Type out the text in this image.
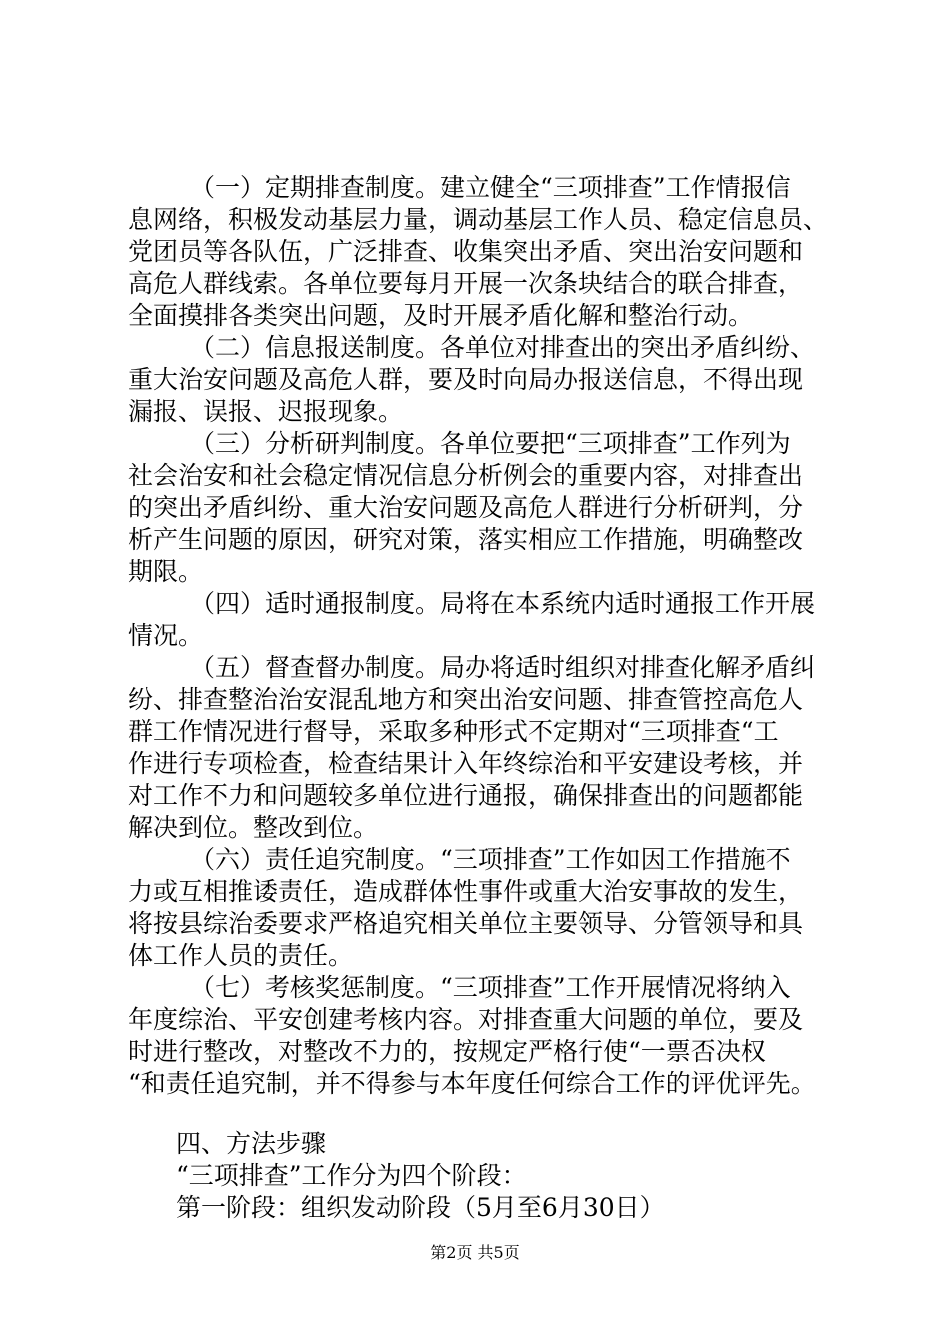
（一）定期排查制度。建立健全“三项排查”工作情报信
息网络，积极发动基层力量，调动基层工作人员、稳定信息员、
党团员等各队伍，广泛排查、收集突出矛盾、突出治安问题和
高危人群线索。各单位要每月开展一次条块结合的联合排查，
全面摸排各类突出问题，及时开展矛盾化解和整治行动。
（二）信息报送制度。各单位对排查出的突出矛盾纠纷、
重大治安问题及高危人群，要及时向局办报送信息，不得出现
漏报、误报、迟报现象。
（三）分析研判制度。各单位要把“三项排查”工作列为
社会治安和社会稳定情况信息分析例会的重要内容，对排查出
的突出矛盾纠纷、重大治安问题及高危人群进行分析研判，分
析产生问题的原因，研究对策，落实相应工作措施，明确整改
期限。
（四）适时通报制度。局将在本系统内适时通报工作开展
情况。
（五）督查督办制度。局办将适时组织对排查化解矛盾纠
纷、排查整治治安混乱地方和突出治安问题、排查管控高危人
群工作情况进行督导，采取多种形式不定期对“三项排查“工
作进行专项检查，检查结果计入年终综治和平安建设考核，并
对工作不力和问题较多单位进行通报，确保排查出的问题都能
解决到位。整改到位。
（六）责任追究制度。“三项排查”工作如因工作措施不
力或互相推诿责任，造成群体性事件或重大治安事故的发生，
将按县综治委要求严格追究相关单位主要领导、分管领导和具
体工作人员的责任。
（七）考核奖惩制度。“三项排查”工作开展情况将纳入
年度综治、平安创建考核内容。对排查重大问题的单位，要及
时进行整改，对整改不力的，按规定严格行使“一票否决权
“和责任追究制，并不得参与本年度任何综合工作的评优评先。
四、方法步骤
“三项排查”工作分为四个阶段：
第一阶段：组织发动阶段（5月至6月30日）
第2页 共5页
